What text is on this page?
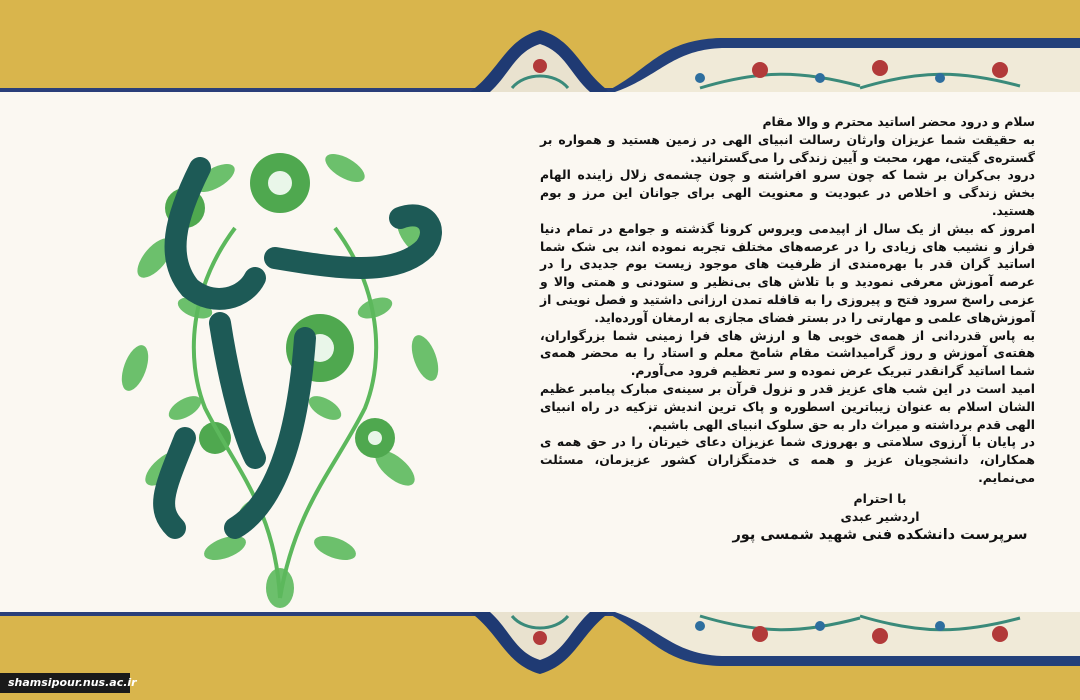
سلام و درود محضر اساتید محترم و والا مقام

به حقیقت شما عزیزان وارثان رسالت انبیای الهی در زمین هستید و همواره بر گستره‌ی گیتی، مهر، محبت و آیین زندگی را می‌گسترانید.

درود بی‌کران بر شما که چون سرو افراشته و چون چشمه‌ی زلال زاینده الهام بخش زندگی و اخلاص در عبودیت و معنویت الهی برای جوانان این مرز و بوم هستید.

امروز که بیش از یک سال از اپیدمی ویروس کرونا گذشته و جوامع در تمام دنیا فراز و نشیب های زیادی را در عرصه‌های مختلف تجربه نموده اند، بی شک شما اساتید گران قدر با بهره‌مندی از ظرفیت های موجود زیست بوم جدیدی را در عرصه آموزش معرفی نمودید و با تلاش های بی‌نظیر و ستودنی و همتی والا و عزمی راسخ سرود فتح و پیروزی را به قافله تمدن ارزانی داشتید و فصل نوینی از آموزش‌های علمی و مهارتی را در بستر فضای مجازی به ارمغان آورده‌اید.

به پاس قدردانی از همه‌ی خوبی ها و ارزش های فرا زمینی شما بزرگواران، هفته‌ی آموزش و روز گرامیداشت مقام شامخ معلم و استاد را به محضر همه‌ی شما اساتید گرانقدر تبریک عرض نموده و سر تعظیم فرود می‌آورم.

امید است در این شب های عزیز قدر و نزول قرآن بر سینه‌ی مبارک پیامبر عظیم الشان اسلام به عنوان زیباترین اسطوره و پاک ترین اندیش تزکیه در راه انبیای الهی قدم برداشته و میراث دار به حق سلوک انبیای الهی باشیم.

در پایان با آرزوی سلامتی و بهروزی شما عزیزان دعای خیرتان را در حق همه ی همکاران، دانشجویان عزیز و همه ی خدمتگزاران کشور عزیزمان، مسئلت می‌نمایم.

با احترام
اردشیر عبدی
سرپرست دانشکده فنی شهید شمسی پور
shamsipour.nus.ac.ir
